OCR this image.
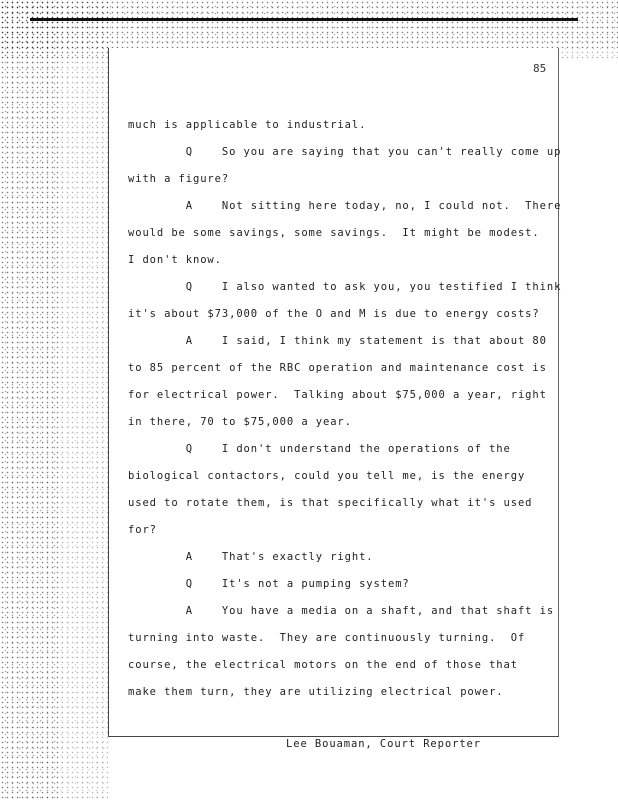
85
much is applicable to industrial.
Q    So you are saying that you can't really come up
with a figure?
A    Not sitting here today, no, I could not.  There
would be some savings, some savings.  It might be modest.
I don't know.
Q    I also wanted to ask you, you testified I think
it's about $73,000 of the O and M is due to energy costs?
A    I said, I think my statement is that about 80
to 85 percent of the RBC operation and maintenance cost is
for electrical power.  Talking about $75,000 a year, right
in there, 70 to $75,000 a year.
Q    I don't understand the operations of the
biological contactors, could you tell me, is the energy
used to rotate them, is that specifically what it's used
for?
A    That's exactly right.
Q    It's not a pumping system?
A    You have a media on a shaft, and that shaft is
turning into waste.  They are continuously turning.  Of
course, the electrical motors on the end of those that
make them turn, they are utilizing electrical power.
Lee Bouaman, Court Reporter
